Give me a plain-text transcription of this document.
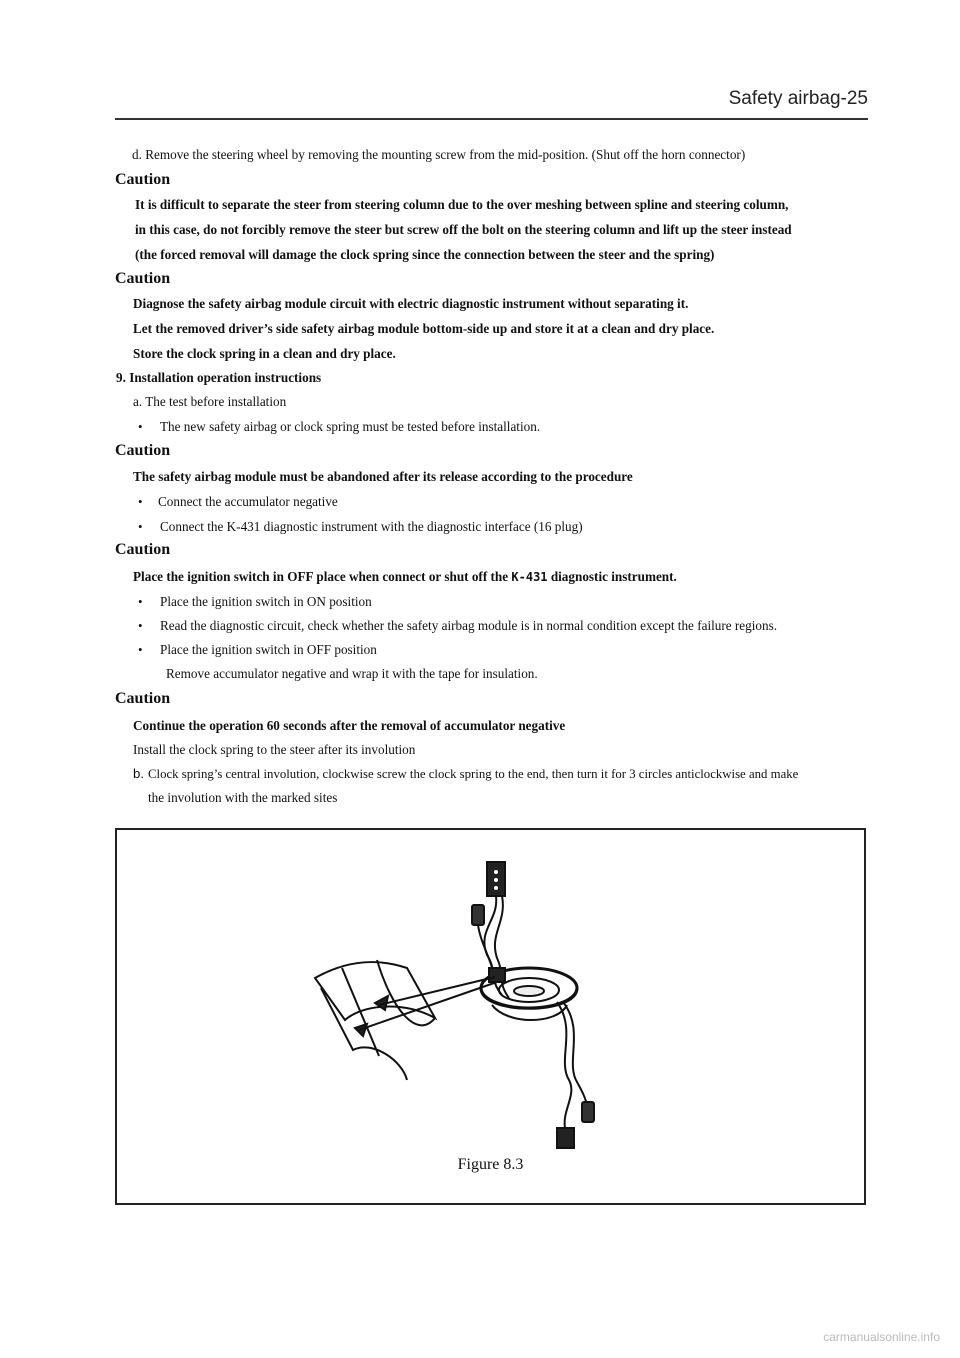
Safety airbag-25
d. Remove the steering wheel by removing the mounting screw from the mid-position. (Shut off the horn connector)
Caution
It is difficult to separate the steer from steering column due to the over meshing between spline and steering column,
in this case, do not forcibly remove the steer but screw off the bolt on the steering column and lift up the steer instead
(the forced removal will damage the clock spring since the connection between the steer and the spring)
Caution
Diagnose the safety airbag module circuit with electric diagnostic instrument without separating it.
Let the removed driver’s side safety airbag module bottom-side up and store it at a clean and dry place.
Store the clock spring in a clean and dry place.
9. Installation operation instructions
a. The test before installation
• The new safety airbag or clock spring must be tested before installation.
Caution
The safety airbag module must be abandoned after its release according to the procedure
• Connect the accumulator negative
• Connect the K-431 diagnostic instrument with the diagnostic interface (16 plug)
Caution
Place the ignition switch in OFF place when connect or shut off the K-431 diagnostic instrument.
• Place the ignition switch in ON position
• Read the diagnostic circuit, check whether the safety airbag module is in normal condition except the failure regions.
• Place the ignition switch in OFF position
Remove accumulator negative and wrap it with the tape for insulation.
Caution
Continue the operation 60 seconds after the removal of accumulator negative
Install the clock spring to the steer after its involution
b. Clock spring’s central involution, clockwise screw the clock spring to the end, then turn it for 3 circles anticlockwise and make
the involution with the marked sites
Figure 8.3
carmanualsonline.info
